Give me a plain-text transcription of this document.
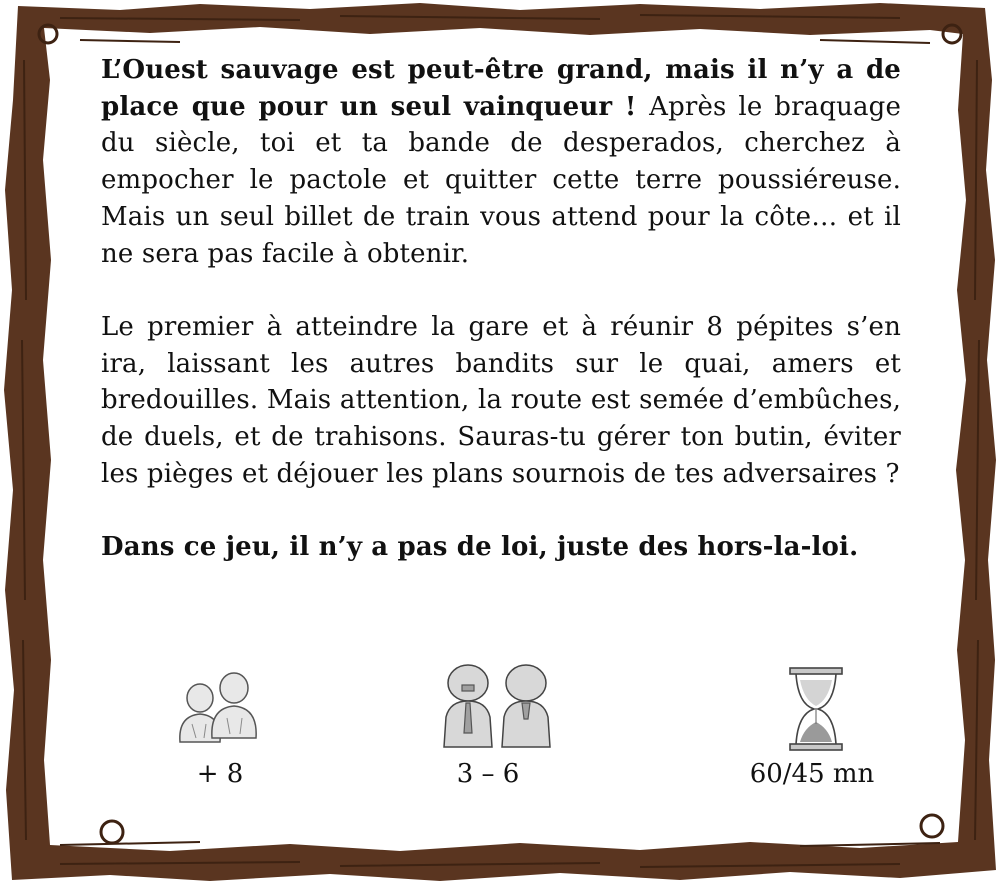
L’Ouest sauvage est peut-être grand, mais il n’y a de place que pour un seul vainqueur ! Après le braquage du siècle, toi et ta bande de desperados, cherchez à empocher le pactole et quitter cette terre poussiéreuse. Mais un seul billet de train vous attend pour la côte… et il ne sera pas facile à obtenir.

Le premier à atteindre la gare et à réunir 8 pépites s’en ira, laissant les autres bandits sur le quai, amers et bredouilles. Mais attention, la route est semée d’embûches, de duels, et de trahisons. Sauras-tu gérer ton butin, éviter les pièges et déjouer les plans sournois de tes adversaires ?

Dans ce jeu, il n’y a pas de loi, juste des hors-la-loi.

+ 8	3 – 6	60/45 mn
